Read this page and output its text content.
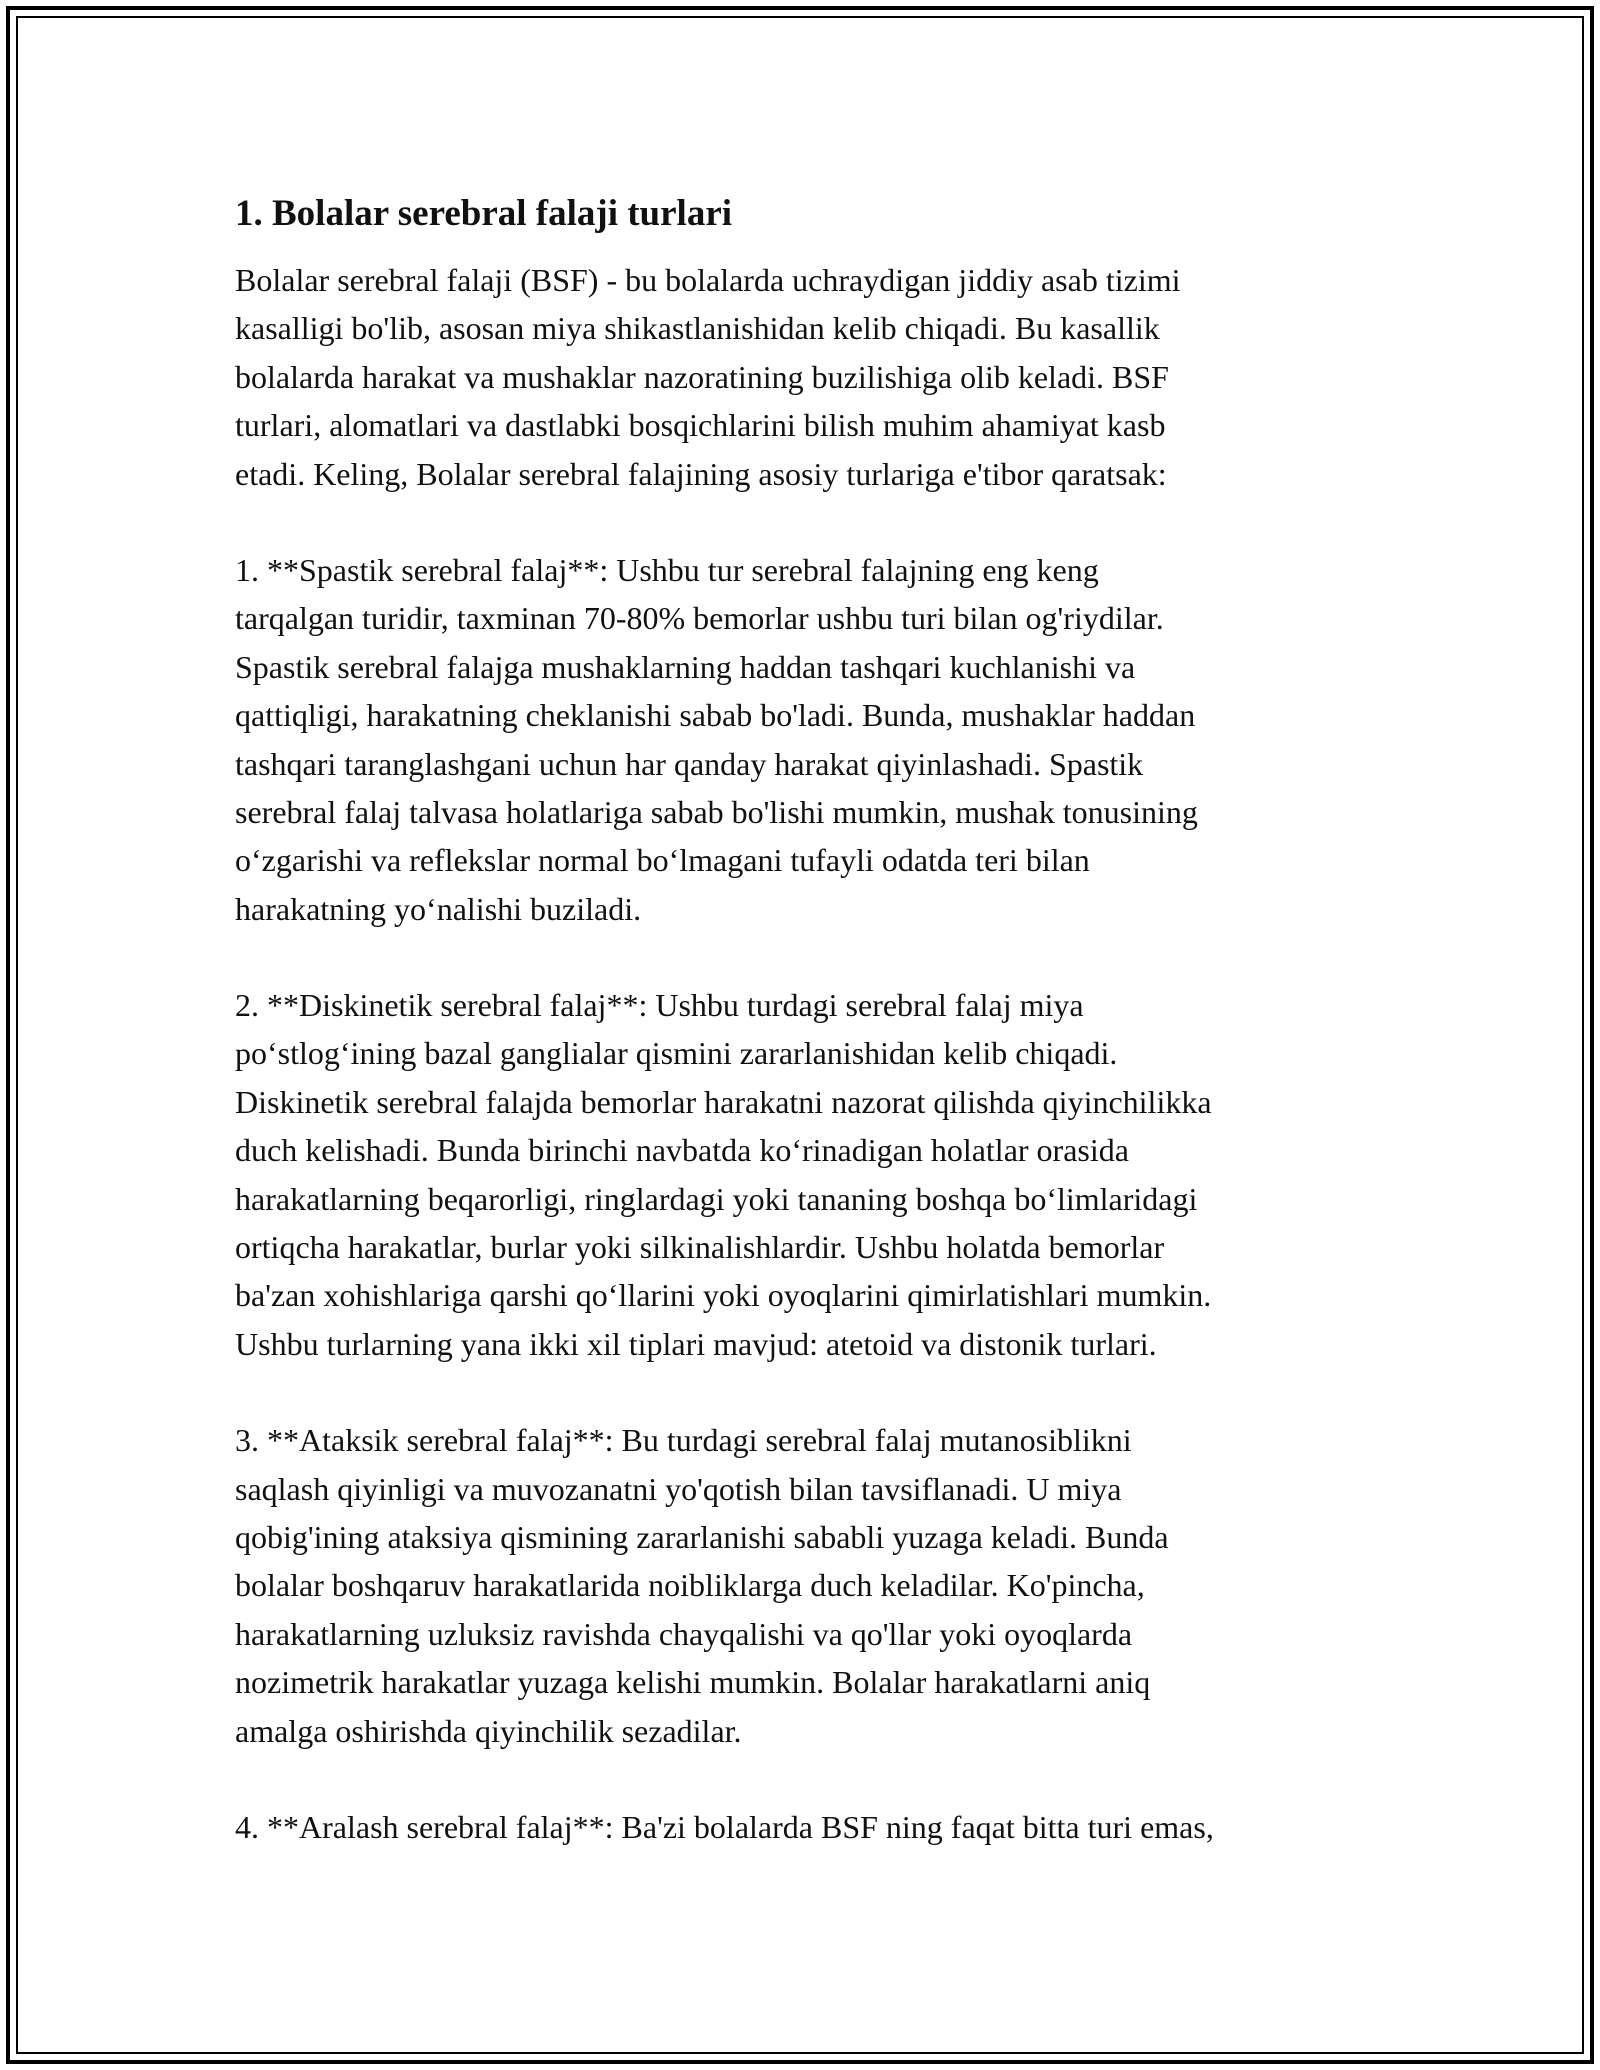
1. Bolalar serebral falaji turlari
Bolalar serebral falaji (BSF) - bu bolalarda uchraydigan jiddiy asab tizimi
kasalligi bo'lib, asosan miya shikastlanishidan kelib chiqadi. Bu kasallik
bolalarda harakat va mushaklar nazoratining buzilishiga olib keladi. BSF
turlari, alomatlari va dastlabki bosqichlarini bilish muhim ahamiyat kasb
etadi. Keling, Bolalar serebral falajining asosiy turlariga e'tibor qaratsak:
1. **Spastik serebral falaj**: Ushbu tur serebral falajning eng keng
tarqalgan turidir, taxminan 70-80% bemorlar ushbu turi bilan og'riydilar.
Spastik serebral falajga mushaklarning haddan tashqari kuchlanishi va
qattiqligi, harakatning cheklanishi sabab bo'ladi. Bunda, mushaklar haddan
tashqari taranglashgani uchun har qanday harakat qiyinlashadi. Spastik
serebral falaj talvasa holatlariga sabab bo'lishi mumkin, mushak tonusining
o‘zgarishi va reflekslar normal bo‘lmagani tufayli odatda teri bilan
harakatning yo‘nalishi buziladi.
2. **Diskinetik serebral falaj**: Ushbu turdagi serebral falaj miya
po‘stlog‘ining bazal ganglialar qismini zararlanishidan kelib chiqadi.
Diskinetik serebral falajda bemorlar harakatni nazorat qilishda qiyinchilikka
duch kelishadi. Bunda birinchi navbatda ko‘rinadigan holatlar orasida
harakatlarning beqarorligi, ringlardagi yoki tananing boshqa bo‘limlaridagi
ortiqcha harakatlar, burlar yoki silkinalishlardir. Ushbu holatda bemorlar
ba'zan xohishlariga qarshi qo‘llarini yoki oyoqlarini qimirlatishlari mumkin.
Ushbu turlarning yana ikki xil tiplari mavjud: atetoid va distonik turlari.
3. **Ataksik serebral falaj**: Bu turdagi serebral falaj mutanosiblikni
saqlash qiyinligi va muvozanatni yo'qotish bilan tavsiflanadi. U miya
qobig'ining ataksiya qismining zararlanishi sababli yuzaga keladi. Bunda
bolalar boshqaruv harakatlarida noibliklarga duch keladilar. Ko'pincha,
harakatlarning uzluksiz ravishda chayqalishi va qo'llar yoki oyoqlarda
nozimetrik harakatlar yuzaga kelishi mumkin. Bolalar harakatlarni aniq
amalga oshirishda qiyinchilik sezadilar.
4. **Aralash serebral falaj**: Ba'zi bolalarda BSF ning faqat bitta turi emas,
